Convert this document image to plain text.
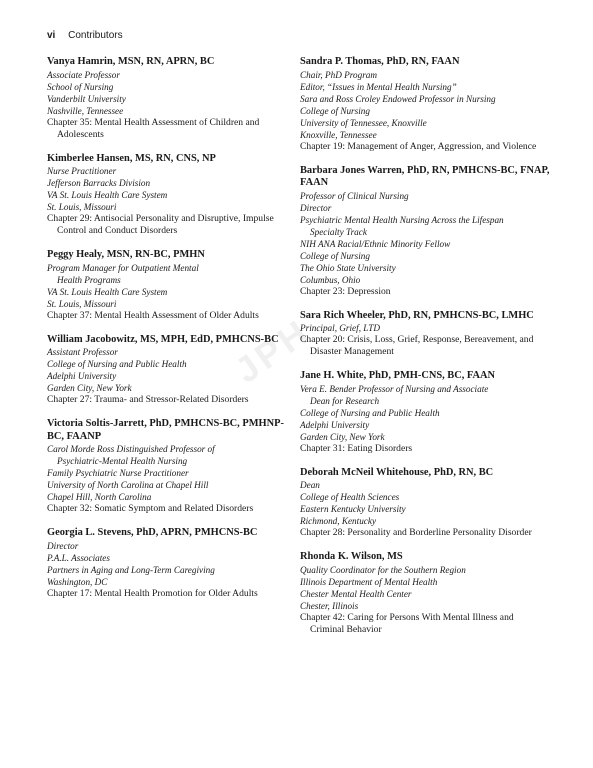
vi Contributors
JPH
Vanya Hamrin, MSN, RN, APRN, BC
Associate Professor
School of Nursing
Vanderbilt University
Nashville, Tennessee
Chapter 35: Mental Health Assessment of Children and Adolescents
Kimberlee Hansen, MS, RN, CNS, NP
Nurse Practitioner
Jefferson Barracks Division
VA St. Louis Health Care System
St. Louis, Missouri
Chapter 29: Antisocial Personality and Disruptive, Impulse Control and Conduct Disorders
Peggy Healy, MSN, RN-BC, PMHN
Program Manager for Outpatient Mental
Health Programs
VA St. Louis Health Care System
St. Louis, Missouri
Chapter 37: Mental Health Assessment of Older Adults
William Jacobowitz, MS, MPH, EdD, PMHCNS-BC
Assistant Professor
College of Nursing and Public Health
Adelphi University
Garden City, New York
Chapter 27: Trauma- and Stressor-Related Disorders
Victoria Soltis-Jarrett, PhD, PMHCNS-BC, PMHNP-BC, FAANP
Carol Morde Ross Distinguished Professor of
Psychiatric-Mental Health Nursing
Family Psychiatric Nurse Practitioner
University of North Carolina at Chapel Hill
Chapel Hill, North Carolina
Chapter 32: Somatic Symptom and Related Disorders
Georgia L. Stevens, PhD, APRN, PMHCNS-BC
Director
P.A.L. Associates
Partners in Aging and Long-Term Caregiving
Washington, DC
Chapter 17: Mental Health Promotion for Older Adults
Sandra P. Thomas, PhD, RN, FAAN
Chair, PhD Program
Editor, “Issues in Mental Health Nursing”
Sara and Ross Croley Endowed Professor in Nursing
College of Nursing
University of Tennessee, Knoxville
Knoxville, Tennessee
Chapter 19: Management of Anger, Aggression, and Violence
Barbara Jones Warren, PhD, RN, PMHCNS-BC, FNAP, FAAN
Professor of Clinical Nursing
Director
Psychiatric Mental Health Nursing Across the Lifespan
Specialty Track
NIH ANA Racial/Ethnic Minority Fellow
College of Nursing
The Ohio State University
Columbus, Ohio
Chapter 23: Depression
Sara Rich Wheeler, PhD, RN, PMHCNS-BC, LMHC
Principal, Grief, LTD
Chapter 20: Crisis, Loss, Grief, Response, Bereavement, and Disaster Management
Jane H. White, PhD, PMH-CNS, BC, FAAN
Vera E. Bender Professor of Nursing and Associate
Dean for Research
College of Nursing and Public Health
Adelphi University
Garden City, New York
Chapter 31: Eating Disorders
Deborah McNeil Whitehouse, PhD, RN, BC
Dean
College of Health Sciences
Eastern Kentucky University
Richmond, Kentucky
Chapter 28: Personality and Borderline Personality Disorder
Rhonda K. Wilson, MS
Quality Coordinator for the Southern Region
Illinois Department of Mental Health
Chester Mental Health Center
Chester, Illinois
Chapter 42: Caring for Persons With Mental Illness and Criminal Behavior
